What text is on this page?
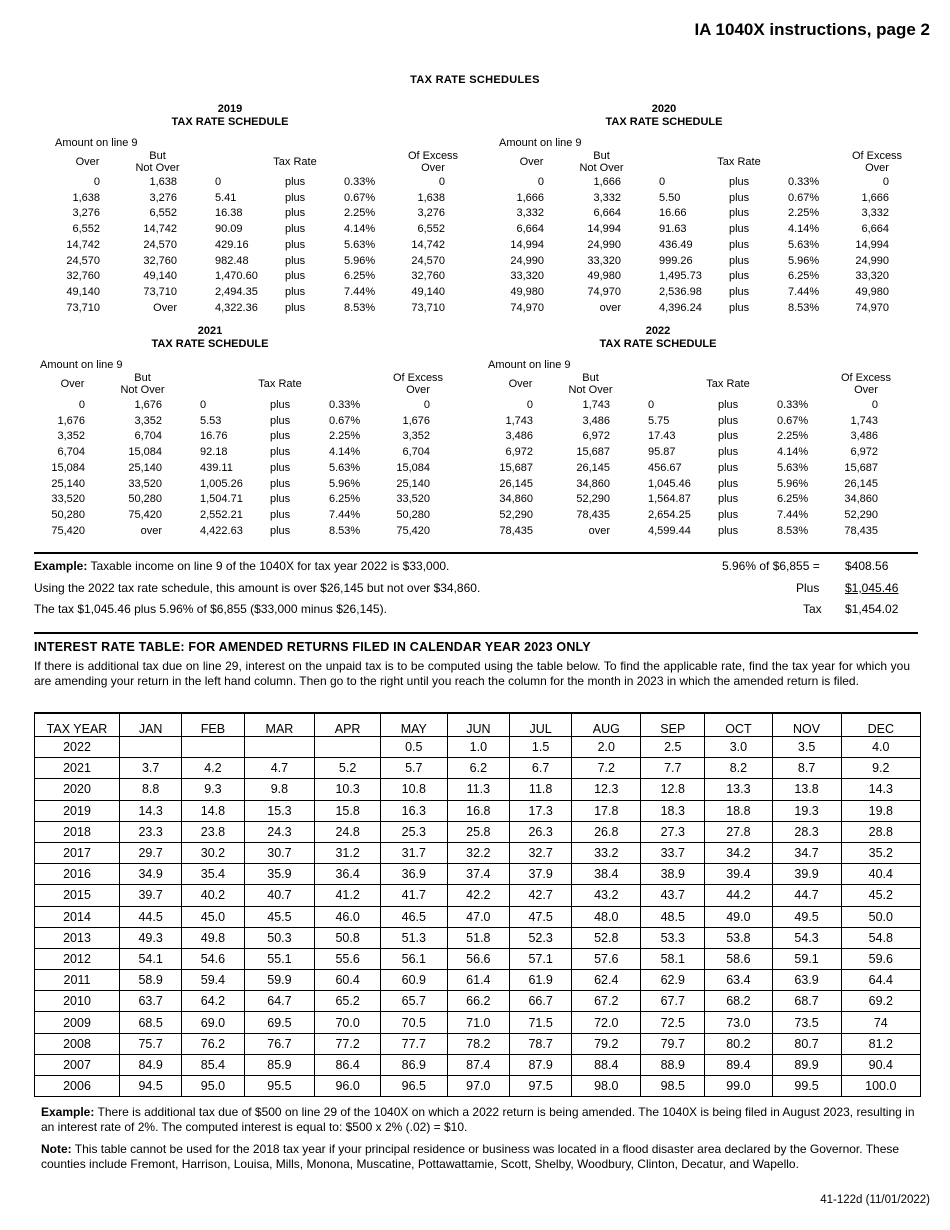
IA 1040X instructions, page 2
TAX RATE SCHEDULES
2019
TAX RATE SCHEDULE
Amount on line 9
Over	But
Not Over	Tax Rate	Of Excess
Over
0	1,638	0	plus	0.33%	0
1,638	3,276	5.41	plus	0.67%	1,638
3,276	6,552	16.38	plus	2.25%	3,276
6,552	14,742	90.09	plus	4.14%	6,552
14,742	24,570	429.16	plus	5.63%	14,742
24,570	32,760	982.48	plus	5.96%	24,570
32,760	49,140	1,470.60 plus	6.25%	32,760
49,140	73,710	2,494.35 plus	7.44%	49,140
73,710	Over	4,322.36 plus	8.53%	73,710
2020
TAX RATE SCHEDULE
Amount on line 9
Over	But
Not Over	Tax Rate	Of Excess
Over
0	1,666	0	plus	0.33%	0
1,666	3,332	5.50	plus	0.67%	1,666
3,332	6,664	16.66	plus	2.25%	3,332
6,664	14,994	91.63	plus	4.14%	6,664
14,994	24,990	436.49	plus	5.63%	14,994
24,990	33,320	999.26	plus	5.96%	24,990
33,320	49,980	1,495.73 plus	6.25%	33,320
49,980	74,970	2,536.98 plus	7.44%	49,980
74,970	over	4,396.24 plus	8.53%	74,970
2021
TAX RATE SCHEDULE
Amount on line 9
Over	But
Not Over	Tax Rate	Of Excess
Over
0	1,676	0	plus	0.33%	0
1,676	3,352	5.53	plus	0.67%	1,676
3,352	6,704	16.76	plus	2.25%	3,352
6,704	15,084	92.18	plus	4.14%	6,704
15,084	25,140	439.11	plus	5.63%	15,084
25,140	33,520	1,005.26 plus	5.96%	25,140
33,520	50,280	1,504.71 plus	6.25%	33,520
50,280	75,420	2,552.21 plus	7.44%	50,280
75,420	over	4,422.63 plus	8.53%	75,420
2022
TAX RATE SCHEDULE
Amount on line 9
Over	But
Not Over	Tax Rate	Of Excess
Over
0	1,743	0	plus	0.33%	0
1,743	3,486	5.75	plus	0.67%	1,743
3,486	6,972	17.43	plus	2.25%	3,486
6,972	15,687	95.87	plus	4.14%	6,972
15,687	26,145	456.67	plus	5.63%	15,687
26,145	34,860	1,045.46 plus	5.96%	26,145
34,860	52,290	1,564.87 plus	6.25%	34,860
52,290	78,435	2,654.25 plus	7.44%	52,290
78,435	over	4,599.44 plus	8.53%	78,435
Example: Taxable income on line 9 of the 1040X for tax year 2022 is $33,000.
Using the 2022 tax rate schedule, this amount is over $26,145 but not over $34,860.
The tax $1,045.46 plus 5.96% of $6,855 ($33,000 minus $26,145).
5.96% of $6,855 = $408.56
Plus $1,045.46
Tax $1,454.02
INTEREST RATE TABLE: FOR AMENDED RETURNS FILED IN CALENDAR YEAR 2023 ONLY
If there is additional tax due on line 29, interest on the unpaid tax is to be computed using the table below. To find the applicable rate, find the tax year for which you are amending your return in the left hand column. Then go to the right until you reach the column for the month in 2023 in which the amended return is filed.
TAX YEAR	JAN	FEB	MAR	APR	MAY	JUN	JUL	AUG	SEP	OCT	NOV	DEC
2022					0.5	1.0	1.5	2.0	2.5	3.0	3.5	4.0
2021	3.7	4.2	4.7	5.2	5.7	6.2	6.7	7.2	7.7	8.2	8.7	9.2
2020	8.8	9.3	9.8	10.3	10.8	11.3	11.8	12.3	12.8	13.3	13.8	14.3
2019	14.3	14.8	15.3	15.8	16.3	16.8	17.3	17.8	18.3	18.8	19.3	19.8
2018	23.3	23.8	24.3	24.8	25.3	25.8	26.3	26.8	27.3	27.8	28.3	28.8
2017	29.7	30.2	30.7	31.2	31.7	32.2	32.7	33.2	33.7	34.2	34.7	35.2
2016	34.9	35.4	35.9	36.4	36.9	37.4	37.9	38.4	38.9	39.4	39.9	40.4
2015	39.7	40.2	40.7	41.2	41.7	42.2	42.7	43.2	43.7	44.2	44.7	45.2
2014	44.5	45.0	45.5	46.0	46.5	47.0	47.5	48.0	48.5	49.0	49.5	50.0
2013	49.3	49.8	50.3	50.8	51.3	51.8	52.3	52.8	53.3	53.8	54.3	54.8
2012	54.1	54.6	55.1	55.6	56.1	56.6	57.1	57.6	58.1	58.6	59.1	59.6
2011	58.9	59.4	59.9	60.4	60.9	61.4	61.9	62.4	62.9	63.4	63.9	64.4
2010	63.7	64.2	64.7	65.2	65.7	66.2	66.7	67.2	67.7	68.2	68.7	69.2
2009	68.5	69.0	69.5	70.0	70.5	71.0	71.5	72.0	72.5	73.0	73.5	74
2008	75.7	76.2	76.7	77.2	77.7	78.2	78.7	79.2	79.7	80.2	80.7	81.2
2007	84.9	85.4	85.9	86.4	86.9	87.4	87.9	88.4	88.9	89.4	89.9	90.4
2006	94.5	95.0	95.5	96.0	96.5	97.0	97.5	98.0	98.5	99.0	99.5	100.0
Example: There is additional tax due of $500 on line 29 of the 1040X on which a 2022 return is being amended. The 1040X is being filed in August 2023, resulting in an interest rate of 2%. The computed interest is equal to: $500 x 2% (.02) = $10.
Note: This table cannot be used for the 2018 tax year if your principal residence or business was located in a flood disaster area declared by the Governor. These counties include Fremont, Harrison, Louisa, Mills, Monona, Muscatine, Pottawattamie, Scott, Shelby, Woodbury, Clinton, Decatur, and Wapello.
41-122d (11/01/2022)
